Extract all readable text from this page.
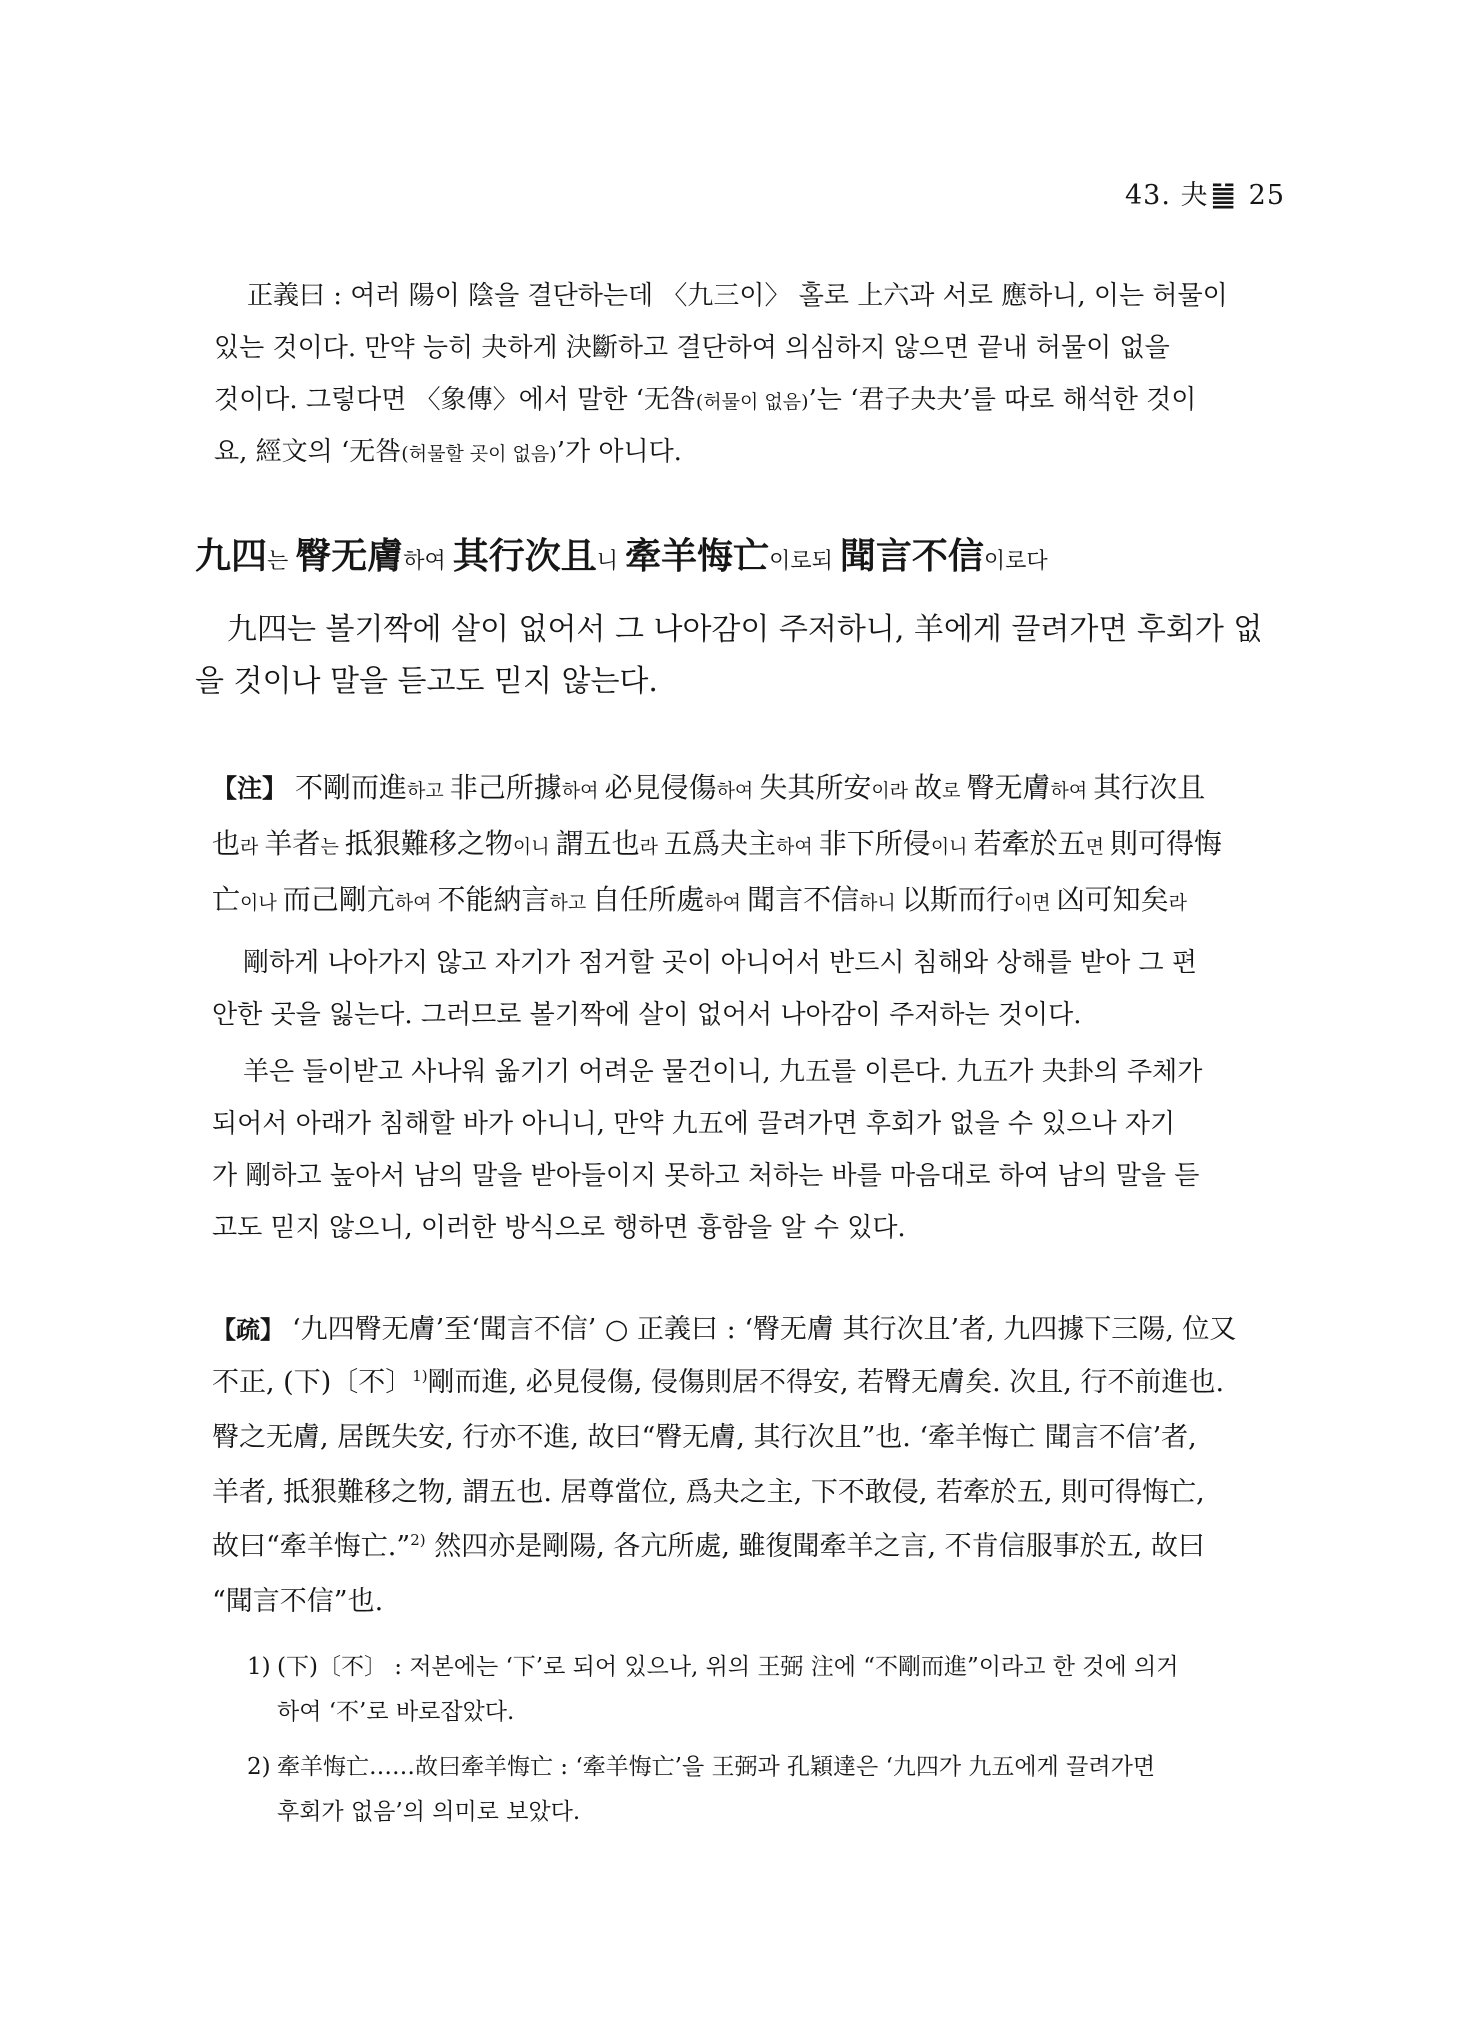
43. 夬䷪ 25
正義曰 : 여러 陽이 陰을 결단하는데 〈九三이〉 홀로 上六과 서로 應하니, 이는 허물이
있는 것이다. 만약 능히 夬하게 決斷하고 결단하여 의심하지 않으면 끝내 허물이 없을
것이다. 그렇다면 〈象傳〉에서 말한 ‘无咎(허물이 없음)’는 ‘君子夬夬’를 따로 해석한 것이
요, 經文의 ‘无咎(허물할 곳이 없음)’가 아니다.
九四는 臀无膚하여 其行次且니 牽羊悔亡이로되 聞言不信이로다
九四는 볼기짝에 살이 없어서 그 나아감이 주저하니, 羊에게 끌려가면 후회가 없
을 것이나 말을 듣고도 믿지 않는다.
【注】 不剛而進하고 非己所據하여 必見侵傷하여 失其所安이라 故로 臀无膚하여 其行次且
也라 羊者는 抵狠難移之物이니 謂五也라 五爲夬主하여 非下所侵이니 若牽於五면 則可得悔
亡이나 而己剛亢하여 不能納言하고 自任所處하여 聞言不信하니 以斯而行이면 凶可知矣라
剛하게 나아가지 않고 자기가 점거할 곳이 아니어서 반드시 침해와 상해를 받아 그 편
안한 곳을 잃는다. 그러므로 볼기짝에 살이 없어서 나아감이 주저하는 것이다.
羊은 들이받고 사나워 옮기기 어려운 물건이니, 九五를 이른다. 九五가 夬卦의 주체가
되어서 아래가 침해할 바가 아니니, 만약 九五에 끌려가면 후회가 없을 수 있으나 자기
가 剛하고 높아서 남의 말을 받아들이지 못하고 처하는 바를 마음대로 하여 남의 말을 듣
고도 믿지 않으니, 이러한 방식으로 행하면 흉함을 알 수 있다.
【疏】 ‘九四臀无膚’至‘聞言不信’ ○ 正義曰 : ‘臀无膚 其行次且’者, 九四據下三陽, 位又
不正, (下)〔不〕$^{1)}$剛而進, 必見侵傷, 侵傷則居不得安, 若臀无膚矣. 次且, 行不前進也.
臀之无膚, 居旣失安, 行亦不進, 故曰“臀无膚, 其行次且”也. ‘牽羊悔亡 聞言不信’者,
羊者, 抵狠難移之物, 謂五也. 居尊當位, 爲夬之主, 下不敢侵, 若牽於五, 則可得悔亡,
故曰“牽羊悔亡.”$^{2)}$ 然四亦是剛陽, 各亢所處, 雖復聞牽羊之言, 不肯信服事於五, 故曰
“聞言不信”也.
1) (下)〔不〕 : 저본에는 ‘下’로 되어 있으나, 위의 王弼 注에 “不剛而進”이라고 한 것에 의거
하여 ‘不’로 바로잡았다.
2) 牽羊悔亡……故曰牽羊悔亡 : ‘牽羊悔亡’을 王弼과 孔穎達은 ‘九四가 九五에게 끌려가면
후회가 없음’의 의미로 보았다.
